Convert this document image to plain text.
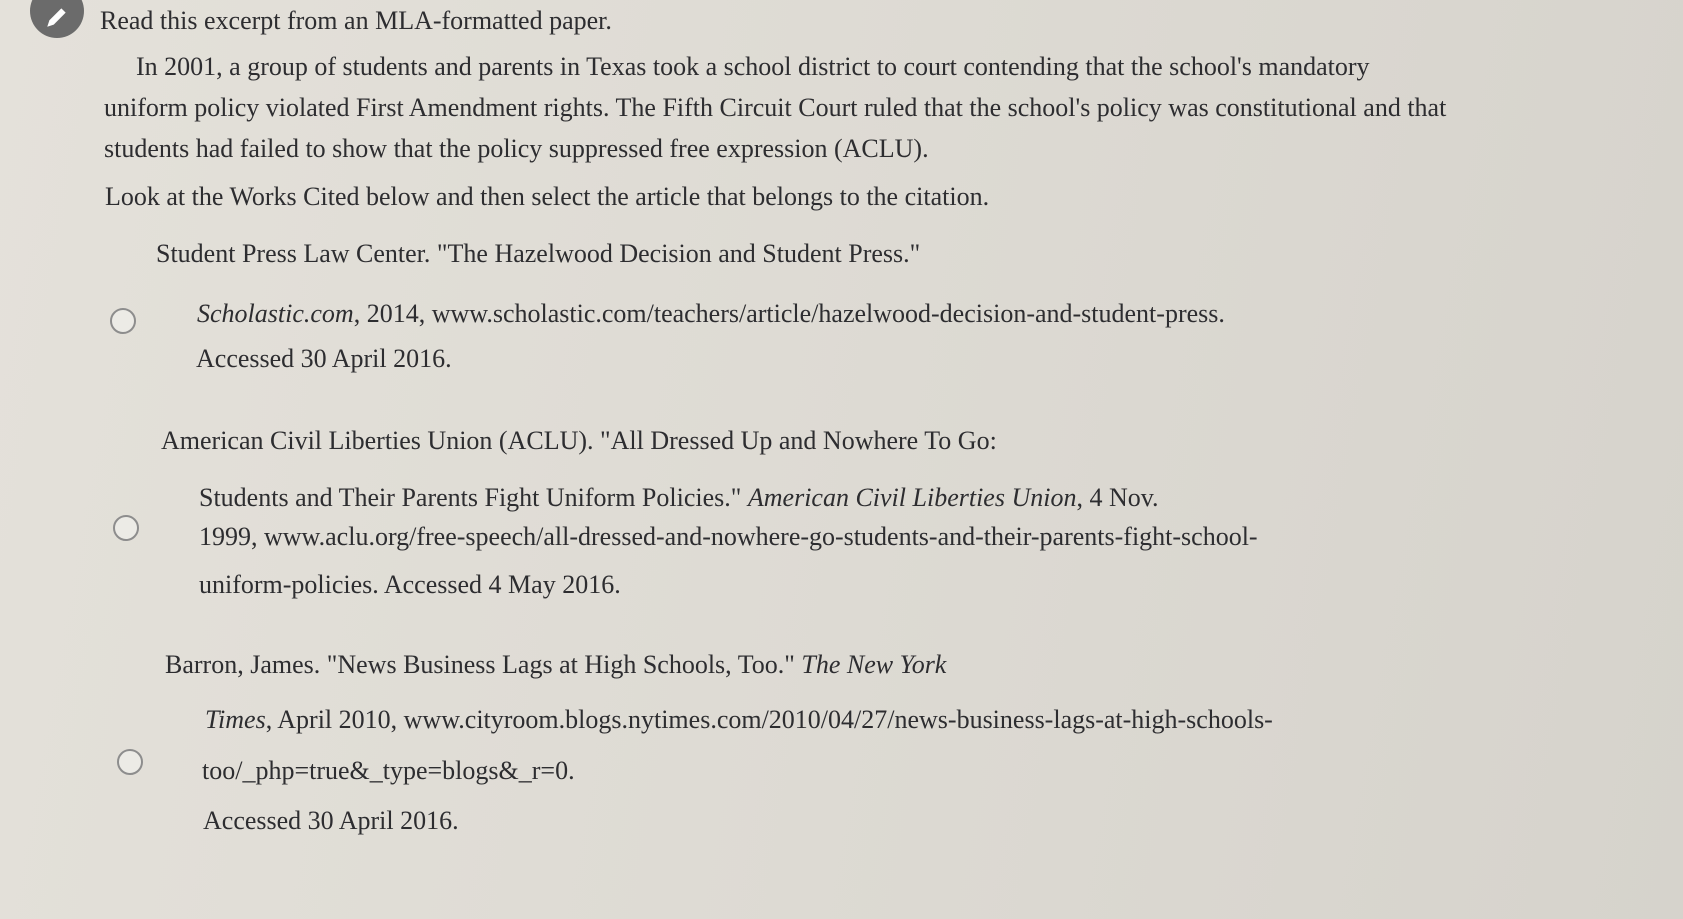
Read this excerpt from an MLA-formatted paper.
In 2001, a group of students and parents in Texas took a school district to court contending that the school's mandatory
uniform policy violated First Amendment rights. The Fifth Circuit Court ruled that the school's policy was constitutional and that
students had failed to show that the policy suppressed free expression (ACLU).
Look at the Works Cited below and then select the article that belongs to the citation.
Student Press Law Center. "The Hazelwood Decision and Student Press."
Scholastic.com, 2014, www.scholastic.com/teachers/article/hazelwood-decision-and-student-press.
Accessed 30 April 2016.
American Civil Liberties Union (ACLU). "All Dressed Up and Nowhere To Go:
Students and Their Parents Fight Uniform Policies." American Civil Liberties Union, 4 Nov.
1999, www.aclu.org/free-speech/all-dressed-and-nowhere-go-students-and-their-parents-fight-school-
uniform-policies. Accessed 4 May 2016.
Barron, James. "News Business Lags at High Schools, Too." The New York
Times, April 2010, www.cityroom.blogs.nytimes.com/2010/04/27/news-business-lags-at-high-schools-
too/_php=true&_type=blogs&_r=0.
Accessed 30 April 2016.
